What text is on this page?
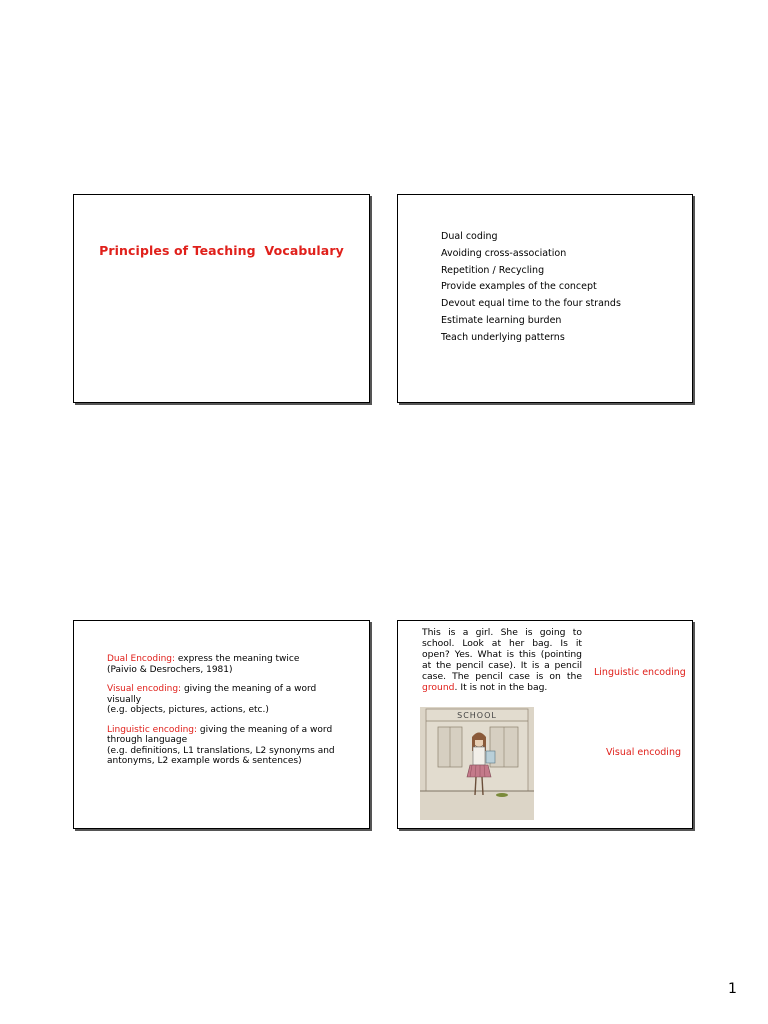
Principles of Teaching  Vocabulary
Dual coding
Avoiding cross-association
Repetition / Recycling
Provide examples of the concept
Devout equal time to the four strands
Estimate learning burden
Teach underlying patterns

Dual Encoding: express the meaning twice
(Paivio & Desrochers, 1981)

Visual encoding: giving the meaning of a word visually
(e.g. objects, pictures, actions, etc.)

Linguistic encoding: giving the meaning of a word through language
(e.g. definitions, L1 translations, L2 synonyms and antonyms, L2 example words & sentences)

This is a girl. She is going to school. Look at her bag. Is it open? Yes. What is this (pointing at the pencil case). It is a pencil case. The pencil case is on the ground. It is not in the bag.
SCHOOL
Linguistic encoding
Visual encoding
1
